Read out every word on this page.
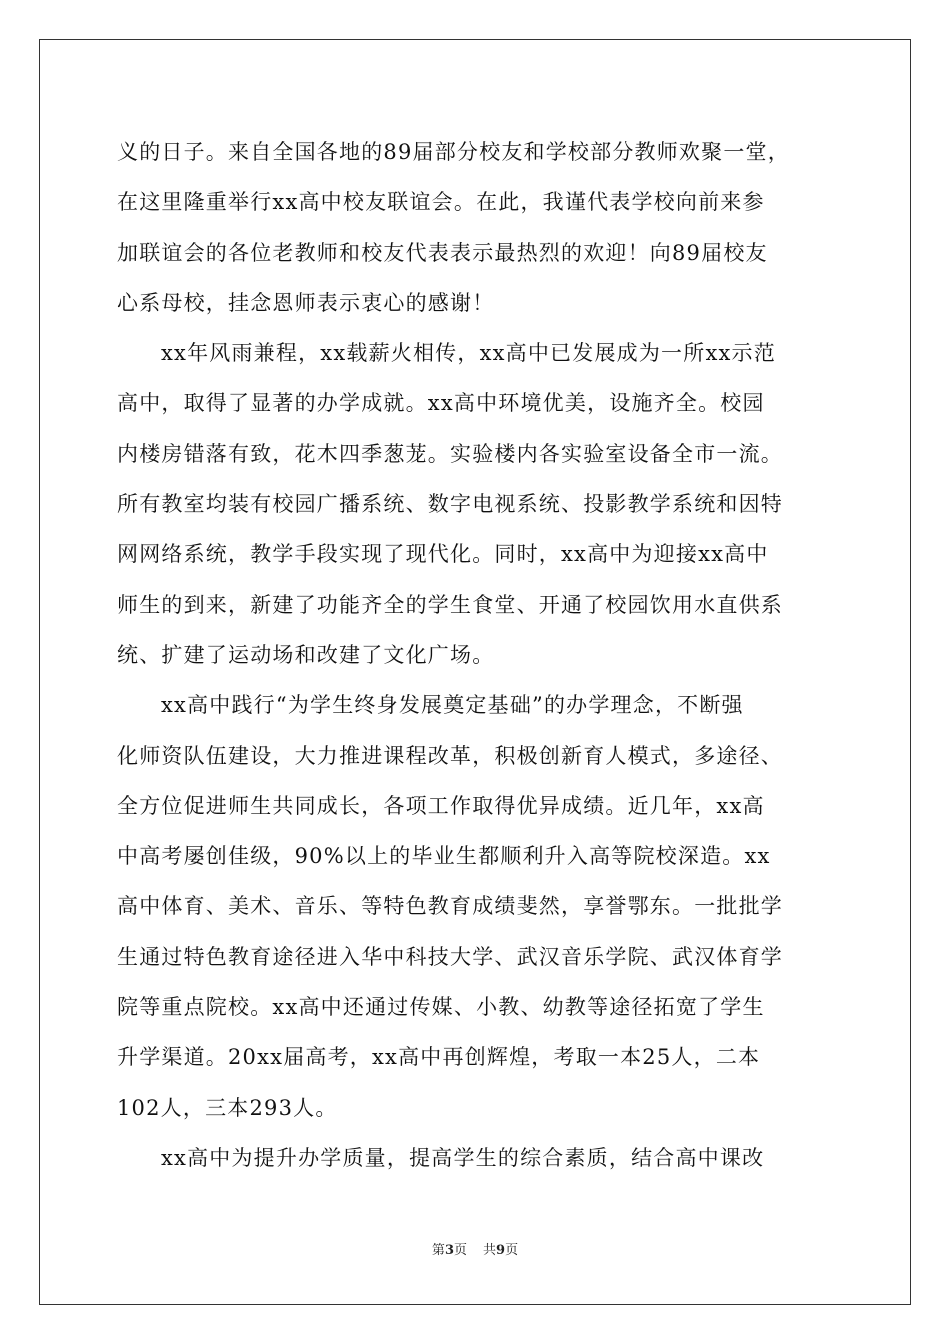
义的日子。来自全国各地的89届部分校友和学校部分教师欢聚一堂，
在这里隆重举行xx高中校友联谊会。在此，我谨代表学校向前来参
加联谊会的各位老教师和校友代表表示最热烈的欢迎！向89届校友
心系母校，挂念恩师表示衷心的感谢！
xx年风雨兼程，xx载薪火相传，xx高中已发展成为一所xx示范
高中，取得了显著的办学成就。xx高中环境优美，设施齐全。校园
内楼房错落有致，花木四季葱茏。实验楼内各实验室设备全市一流。
所有教室均装有校园广播系统、数字电视系统、投影教学系统和因特
网网络系统，教学手段实现了现代化。同时，xx高中为迎接xx高中
师生的到来，新建了功能齐全的学生食堂、开通了校园饮用水直供系
统、扩建了运动场和改建了文化广场。
xx高中践行“为学生终身发展奠定基础”的办学理念，不断强
化师资队伍建设，大力推进课程改革，积极创新育人模式，多途径、
全方位促进师生共同成长，各项工作取得优异成绩。近几年，xx高
中高考屡创佳级，90%以上的毕业生都顺利升入高等院校深造。xx
高中体育、美术、音乐、等特色教育成绩斐然，享誉鄂东。一批批学
生通过特色教育途径进入华中科技大学、武汉音乐学院、武汉体育学
院等重点院校。xx高中还通过传媒、小教、幼教等途径拓宽了学生
升学渠道。20xx届高考，xx高中再创辉煌，考取一本25人，二本
102人，三本293人。
xx高中为提升办学质量，提高学生的综合素质，结合高中课改
第3页 共9页
